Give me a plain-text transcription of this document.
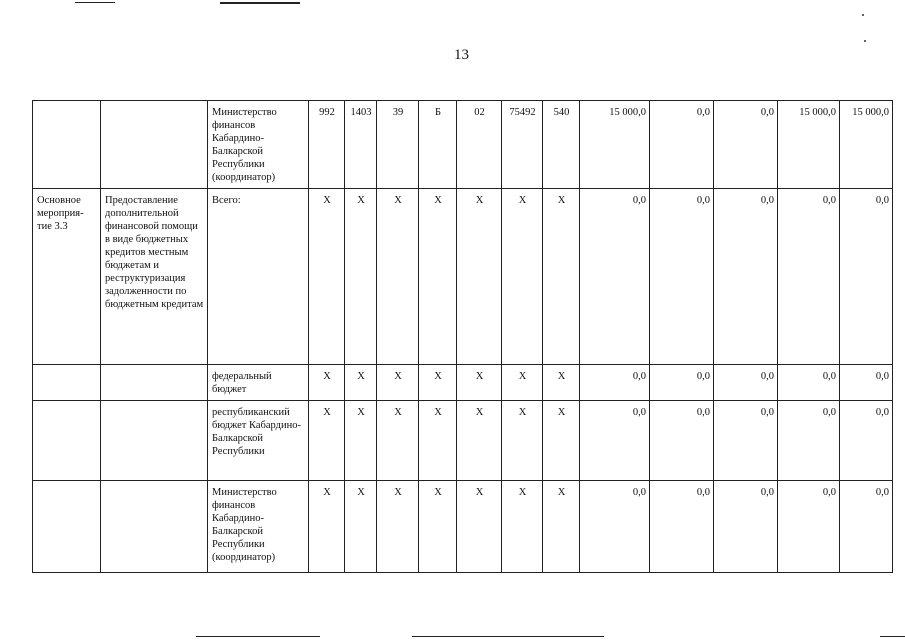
13
		Министерство финансов Кабардино-Балкарской Республики (координатор)	992	1403	39	Б	02	75492	540	15 000,0	0,0	0,0	15 000,0	15 000,0
Основное мероприя-тие 3.3	Предоставление дополнительной финансовой помощи в виде бюджетных кредитов местным бюджетам и реструктуризация задолженности по бюджетным кредитам	Всего:	X	X	X	X	X	X	X	0,0	0,0	0,0	0,0	0,0
		федеральный бюджет	X	X	X	X	X	X	X	0,0	0,0	0,0	0,0	0,0
		республиканский бюджет Кабардино-Балкарской Республики	X	X	X	X	X	X	X	0,0	0,0	0,0	0,0	0,0
		Министерство финансов Кабардино-Балкарской Республики (координатор)	X	X	X	X	X	X	X	0,0	0,0	0,0	0,0	0,0
